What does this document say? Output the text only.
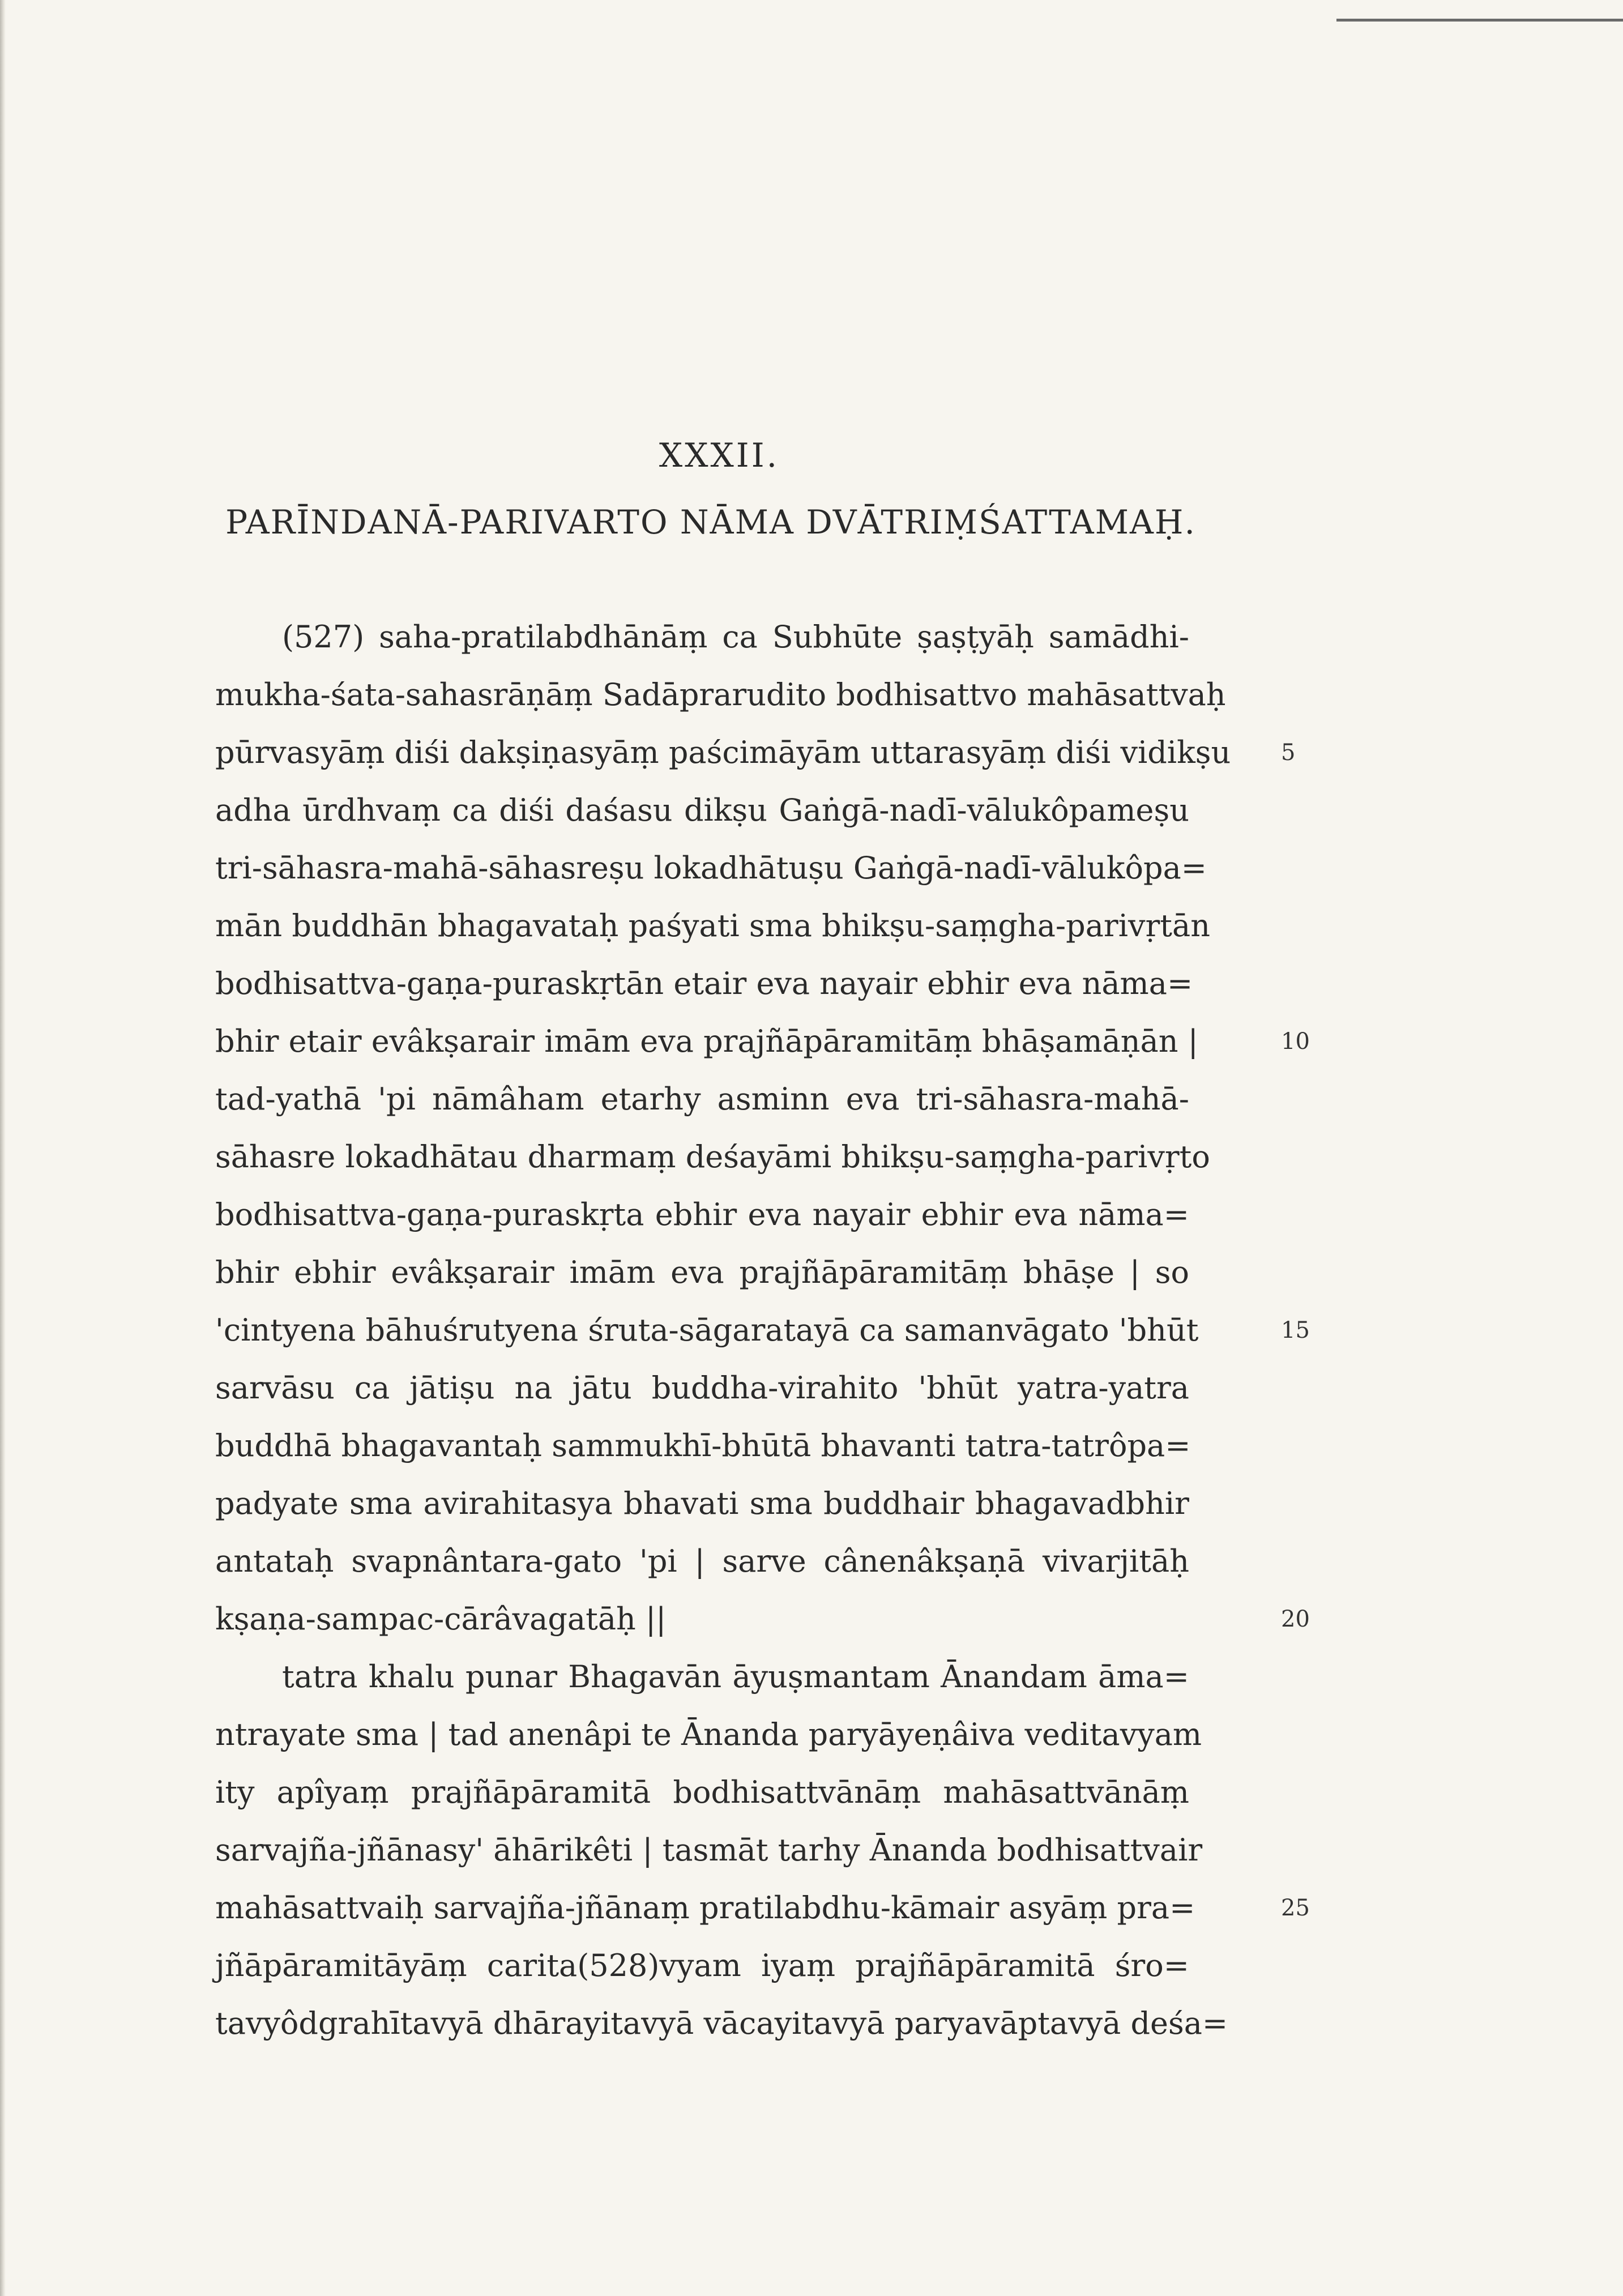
XXXII.
PARĪNDANĀ-PARIVARTO NĀMA DVĀTRIṂŚATTAMAḤ.
(527) saha-pratilabdhānāṃ ca Subhūte ṣaṣṭyāḥ samādhi-
mukha-śata-sahasrāṇāṃ Sadāprarudito bodhisattvo mahāsattvaḥ
pūrvasyāṃ diśi dakṣiṇasyāṃ paścimāyām uttarasyāṃ diśi vidikṣu
adha ūrdhvaṃ ca diśi daśasu dikṣu Gaṅgā-nadī-vālukôpameṣu
tri-sāhasra-mahā-sāhasreṣu lokadhātuṣu Gaṅgā-nadī-vālukôpa=
mān buddhān bhagavataḥ paśyati sma bhikṣu-saṃgha-parivṛtān
bodhisattva-gaṇa-puraskṛtān etair eva nayair ebhir eva nāma=
bhir etair evâkṣarair imām eva prajñāpāramitāṃ bhāṣamāṇān |
tad-yathā 'pi nāmâham etarhy asminn eva tri-sāhasra-mahā-
sāhasre lokadhātau dharmaṃ deśayāmi bhikṣu-saṃgha-parivṛto
bodhisattva-gaṇa-puraskṛta ebhir eva nayair ebhir eva nāma=
bhir ebhir evâkṣarair imām eva prajñāpāramitāṃ bhāṣe | so
'cintyena bāhuśrutyena śruta-sāgaratayā ca samanvāgato 'bhūt
sarvāsu ca jātiṣu na jātu buddha-virahito 'bhūt yatra-yatra
buddhā bhagavantaḥ sammukhī-bhūtā bhavanti tatra-tatrôpa=
padyate sma avirahitasya bhavati sma buddhair bhagavadbhir
antataḥ svapnântara-gato 'pi | sarve cânenâkṣaṇā vivarjitāḥ
kṣaṇa-sampac-cārâvagatāḥ ||
tatra khalu punar Bhagavān āyuṣmantam Ānandam āma=
ntrayate sma | tad anenâpi te Ānanda paryāyeṇâiva veditavyam
ity apîyaṃ prajñāpāramitā bodhisattvānāṃ mahāsattvānāṃ
sarvajña-jñānasy' āhārikêti | tasmāt tarhy Ānanda bodhisattvair
mahāsattvaiḥ sarvajña-jñānaṃ pratilabdhu-kāmair asyāṃ pra=
jñāpāramitāyāṃ carita(528)vyam iyaṃ prajñāpāramitā śro=
tavyôdgrahītavyā dhārayitavyā vācayitavyā paryavāptavyā deśa=
5
10
15
20
25
